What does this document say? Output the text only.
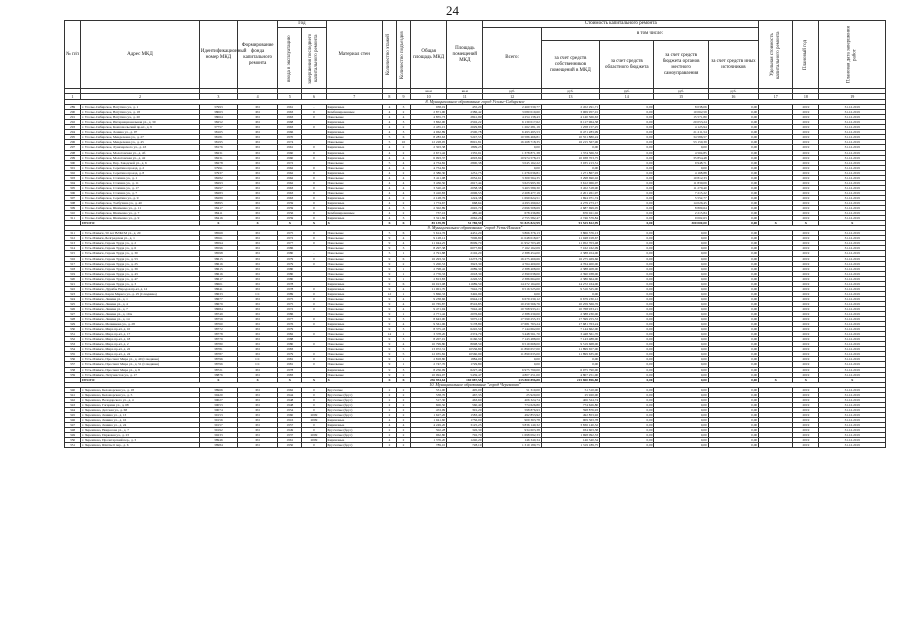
24
№ п/п	Адрес МКД	Идентификационный номер МКД	Формирование фонда капитального ремонта	Год		Материал стен	Количество этажей	Количество подъездов	Общая площадь МКД	Площадь помещений МКД	Стоимость капитального ремонта					Удельная стоимость капитального ремонта	Плановый год	Плановая дата завершения работ
				ввода в эксплуатацию	завершения последнего капитального ремонта						Всего:	в том числе:						
												за счет средств собственников помещений в МКД	за счет средств областного бюджета	за счет средств бюджета органов местного самоуправления	за счет средств иных источников			
									кв.м	кв.м	руб.	руб.	руб.	руб.	руб.			
1	2	3	4	5	6	7	8	9	10	11	12	13	14	15	16	17	18	19
8. Муниципальное образование город Усолье-Сибирское																		
289	г. Усолье-Сибирское, Ватутина ул., д. 1	37993	РО	1961	-	Кирпичные	4	3	938,19	455,20	2 460 539,77	2 452 291,71	0,00	8 038,06	0,00		2019	31.12.2019
290	г. Усолье-Сибирское, Ватутина ул., д. 18	38063	РО	1963	0	Комбинированные	4	2	2 871,90	2386,42	3 080 019,60	3 069 957,01	0,00	10 062,59	0,00		2019	31.12.2019
291	г. Усолье-Сибирское, Ватутина ул., д. 20	38064	РО	1963	0	Панельные	4	4	4 855,73	2841,99	4 254 138,43	4 140 566,63	0,00	15 571,80	0,00		2019	31.12.2019
292	г. Усолье-Сибирское, Интернациональная ул., д. 30	38252	РО	1968		Кирпичные	4	3	3 862,00	2502,22	6 139 017,62	6 117 964,38	0,00	20 053,24	0,00		2019	31.12.2019
293	г. Усолье-Сибирское, Комсомольский пр-кт., д. 9	37757	РО	1963	0	Кирпичные	4	2	2 435,15	2029,86	1 262 281,19	1 258 157,25	0,00	4 123,94	0,00		2019	31.12.2019
294	г. Усолье-Сибирское, Ленина ул., д. 97	38165	РО	1966		Кирпичные	4	3	4 062,89	2500,78	6 493 495,53	6 471 283,99	0,00	21 211,54	0,00		2019	31.12.2019
295	г. Усолье-Сибирское, Менделеева ул., д. 27	38181	РО	1970		Панельные	5	6	8 283,63	5247,55	10 586 466,81	10 551 880,24	0,00	34 586,57	0,00		2019	31.12.2019
296	г. Усолье-Сибирское, Менделеева ул., д. 45	38195	РО	1974		Панельные	5	10	12 228,05	8691,81	16 268 718,35	16 215 567,96	0,00	53 150,39	0,00		2019	31.12.2019
297	г. Усолье-Сибирское, Луначарского ул., д. 43	38176	РО	1961	0	Кирпичные	4	2	2 303,38	1899,23	0,00	0,00	0,00	0,00	0,00		2019	31.12.2019
298	г. Усолье-Сибирское, Молотовская ул., д. 4б	38231	РО	1960	0	Кирпичные	4	2	2 671,42	1355,91	1 378 871,38	1 374 366,33	0,00	4 504,85	0,00		2019	31.12.2019
299	г. Усолье-Сибирское, Молотовская ул., д. 42	38231	РО	1960	0	Кирпичные	4	4	6 093,37	4093,84	10 974 578,23	10 938 703,75	0,00	35 854,48	0,00		2019	31.12.2019
300	г. Усолье-Сибирское, Пер. Заводской ул., д. 6	38278	РО	1972		Панельные	5	4	4 754,82	2800,38	3 045 162,22	3 035 213,51	0,00	9 948,71	0,00		2019	31.12.2019
301	г. Усолье-Сибирское, Серетина проезд, д. 2	37991	РО	1962	0	Панельные	4	4	4 754,82		0,00	0,00	0,00	0,00	0,00		2019	31.12.2019
302	г. Усолье-Сибирское, Серетина проезд, д. 8	37937	РО	1962	0	Кирпичные	4	2	2 386,30	1251,75	1 276 036,81	1 271 867,93	0,00	4 168,88	0,00		2019	31.12.2019
303	г. Усолье-Сибирское, Стопина ул., д. 1	38282	РО	1962	0	Панельные	4	4	3 411,08	2052,61	3 309 564,35	3 298 690,02	0,00	10 812,33	0,00		2019	31.12.2019
304	г. Усолье-Сибирское, Стопина ул., д. 11	38293	РО	1962	0	Панельные	4	4	3 436,50	2617,44	3 623 995,36	3 612 066,07	0,00	11 839,09	0,00		2019	31.12.2019
305	г. Усолье-Сибирское, Стопина ул., д. 17	38297	РО	1963	0	Панельные	4	4	3 520,43	2058,38	3 463 589,30	3 452 318,90	0,00	11 270,40	0,00		2019	31.12.2019
306	г. Усолье-Сибирское, Стопина ул., д. 7	38283	РО	1963	0	Панельные	4	4	3 410,83	2006,53	2 208 477,19	2 201 261,97	0,00	7 215,22	0,00		2019	31.12.2019
307	г. Усолье-Сибирское, Серетина ул., д. 9	38289	РО	1963	0	Кирпичные	4	2	2 128,76	1224,38	1 699 624,51	1 694 071,74	0,00	5 552,77	0,00		2019	31.12.2019
308	г. Усолье-Сибирское, Толбухина ул., д. 40	38395	РО	1959	0	Кирпичные	4	2	1 774,67	668,64	4 293 299,62	4 279 273,17	0,00	14 026,45	0,00		2019	31.12.2019
309	г. Усолье-Сибирское, Шевченко ул., д. 11	38417	РО	1959	0	Кирпичные	4	3	2 302,89	2045,70	2 696 508,69	2 687 699,05	0,00	8 809,64	0,00		2019	31.12.2019
310	г. Усолье-Сибирское, Шевченко ул., д. 7	38411	РО	1956	0	Комбинированные	4	2	737,16	485,40	678 236,86	676 021,02	0,00	2 215,84	0,00		2019	31.12.2019
311	г. Усолье-Сибирское, Шевченко ул., д. 9	38416	РО	1959	0	Кирпичные	4	3	3 321,86	2062,26	2 755 582,47	2 746 579,84	0,00	9 002,63	0,00		2019	31.12.2019
	ИТОГО:	X	X	X	X	X	X	X	85 139,99	51 780,59	91 825 822,99	91 525 822,99	0,00	300 000,00	0,00	X	X	X
9. Муниципальное образование "город Усть-Илимск"																		
311	г. Усть-Илимск, 50 лет ВЛКСМ ул., д. 20	38569	РО	1975	0	Панельные	5	6	5 614,76	4431,20	3 866 376,13	3 866 376,13	0,00	0,00	0,00		2019	31.12.2019
312	г. Усть-Илимск, Белградская ул., д. 1	38561	РО	1972	0	Панельные	9	4	9 128,12	7006,80	11 048 018,67	11 048 018,67	0,00	0,00	0,00		2019	31.12.2019
313	г. Усть-Илимск, Героев Труда ул., д. 2	38594	РО	1977	0	Панельные	9	4	11 044,25	8009,70	11 952 703,48	11 952 703,48	0,00	0,00	0,00		2019	31.12.2019
314	г. Усть-Илимск, Героев Труда ул., д. 6	38596	РО	1986		Панельные	9	3	8 297,38	6077,80	7 162 162,09	7 162 162,09	0,00	0,00	0,00		2019	31.12.2019
315	г. Усть-Илимск, Героев Труда ул., д. 30	38598	РО	1980	-	Панельные	5	1	2 791,88	2102,20	2 388 454,00	2 388 454,00	0,00	0,00	0,00		2019	31.12.2019
316	г. Усть-Илимск, Героев Труда ул., д. 53	38615	РО	1979	0	Панельные	9	6	16 293,32	12273,76	16 275 469,66	16 275 469,66	0,00	0,00	0,00		2019	31.12.2019
317	г. Усть-Илимск, Героев Труда ул., д. 25	38616	РО	1979	0	Панельные	9	2	5 200,53	3923,30	4 764 400,00	4 764 400,00	0,00	0,00	0,00		2019	31.12.2019
318	г. Усть-Илимск, Героев Труда ул., д. 39	38615	РО	1980		Панельные	9	1	2 798,42	2089,30	2 388 408,00	2 388 408,00	0,00	0,00	0,00		2019	31.12.2019
319	г. Усть-Илимск, Героев Труда ул., д. 43	38616	РО	1980		Панельные	9	1	2 776,33	2018,30	2 390 038,00	2 390 038,00	0,00	0,00	0,00		2019	31.12.2019
320	г. Усть-Илимск, Героев Труда ул., д. 47	38617	РО	1980		Панельные	9	1	2 813,83	2226,53	2 386 664,00	2 386 664,00	0,00	0,00	0,00		2019	31.12.2019
321	г. Усть-Илимск, Героев Труда ул., д. 3	38601	РО	1978		Кирпичные	9	6	16 013,08	11689,50	14 272 164,00	14 272 164,00	0,00	0,00	0,00		2019	31.12.2019
322	г. Усть-Илимск, Дружбы Народов пр-кт, д. 12	38641	РО	1978	0	Кирпичные	9	4	11 001,70	7642,70	9 516 525,00	9 516 525,00	0,00	0,00	0,00		2019	31.12.2019
323	г. Усть-Илимск, Карла Маркса ул., д. 25 (Слюдянка)	38633	СС	1989	0	Кирпичные	12	1	5 866,33	3492,90	0,00	0,00	0,00	0,00	0,00		2019	31.12.2019
324	г. Усть-Илимск, Ленина ул., д. 1	38677	РО	1975	0	Панельные	9	4	9 238,66	6944,19	6 679 230,12	6 679 230,12	0,00	0,00	0,00		2019	31.12.2019
325	г. Усть-Илимск, Ленина ул., д. 4	38679	РО	1975	0	Панельные	9	4	10 765,87	8516,83	10 259 566,76	10 259 566,76	0,00	0,00	0,00		2019	31.12.2019
326	г. Усть-Илимск, Ленина ул., д. 7	38684	РО	1972	0	Панельные	9	4	9 471,94	7042,40	10 768 933,21	10 768 933,21	0,00	0,00	0,00		2019	31.12.2019
327	г. Усть-Илимск, Ленина ул., д. 10А	38749	РО	1986		Панельные	9	1	2 771,42	2076,60	2 388 230,00	2 388 230,00	0,00	0,00	0,00		2019	31.12.2019
328	г. Усть-Илимск, Ленина ул., д. 14	38759	РО	1977	0	Панельные	9	3	8 643,00	5075,10	17 599 255,33	17 599 255,33	0,00	0,00	0,00		2019	31.12.2019
329	г. Усть-Илимск, Мечникова ул., д. 28	38760	РО	1976	0	Кирпичные	9	4	9 561,96	5178,80	17 681 763,24	17 681 763,24	0,00	0,00	0,00		2019	31.12.2019
330	г. Усть-Илимск, Мира пр-кт, д. 10	38772	РО	1979		Панельные	9	3	8 375,43	6245,50	7 144 662,00	7 144 662,00	0,00	0,00	0,00		2019	31.12.2019
331	г. Усть-Илимск, Мира пр-кт, д. 17	38778	РО	1982	0	Панельные	14	1	3 378,20	2374,70	3 448 561,70	3 448 561,70	0,00	0,00	0,00		2019	31.12.2019
332	г. Усть-Илимск, Мира пр-кт, д. 18	38779	РО	1988		Панельные	9	3	8 207,01	6160,50	7 143 488,00	7 143 488,00	0,00	0,00	0,00		2019	31.12.2019
333	г. Усть-Илимск, Мира пр-кт, д. 2	38780	РО	1980	0	Панельные	9	4	10 799,80	8098,50	9 519 668,00	9 519 668,00	0,00	0,00	0,00		2019	31.12.2019
334	г. Усть-Илимск, Мира пр-кт, д. 22	38781	РО	1983		Панельные	9	5	13 972,31	10536,80	11 899 657,00	11 899 657,00	0,00	0,00	0,00		2019	31.12.2019
335	г. Усть-Илимск, Мира пр-кт, д. 24	38787	РО	1979	0	Панельные	9	5	12 035,82	10560,90	11 899 635,00	11 899 635,00	0,00	0,00	0,00		2019	31.12.2019
336	г. Усть-Илимск, Проспект Мира ул., д. 49 (Слюдянка)	38796	СС	1981	0	Панельные	9	1	2 818,80	1884,00	0,00	0,00	0,00	0,00	0,00		2019	31.12.2019
337	г. Усть-Илимск, Проспект Мира ул., д. 51 (Слюдянка)	38796	СС	1981	0	Панельные	9	1	2 747,70	1729,80	0,00	0,00	0,00	0,00	0,00		2019	31.12.2019
338	г. Усть-Илимск, Проспект Мира ул., д. 8	38721	РО	1978		Кирпичные	9	3	8 256,99	6227,46	6 975 790,00	6 975 790,00	0,00	0,00	0,00		2019	31.12.2019
339	г. Усть-Илимск, Энтузиастов ул., д. 17	38876	РО	1983		Панельные	9	2	10 094,97	5439,47	4 807 251,00	4 807 251,00	0,00	0,00	0,00		2019	31.12.2019
	ИТОГО:	X	X	X	X	X	X	X	236 954,64	169 887,55	215 800 896,88	215 800 896,88	0,00	0,00	0,00	X	X	X
10. Муниципальное образование "город Черемхово"																		
340	г. Черемхово, Беломорская ул., д. 18	38966	РО	1962	0	Брусчатые	2	2	531,00	495,00	51 310,00	51 310,00	0,00	0,00	0,00		2019	31.12.2019
341	г. Черемхово, Беломорская ул., д. 5	39420	РО	1944	0	Брусчатые (брус)	2	2	538,70	467,33	25 920,00	25 920,00	0,00	0,00	0,00		2019	31.12.2019
342	г. Черемхово, Володарского ул., д. 4	39027	РО	1948	0	Брусчатые (брус)	2	2	517,30	463,60	406 324,74	406 324,74	0,00	0,00	0,00		2019	31.12.2019
343	г. Черемхово, Гагарина ул., д. 68	39053	РО	1948	0	Брусчатые (брус)	2	2	606,50	560,40	774 626,80	774 626,80	0,00	0,00	0,00		2019	31.12.2019
344	г. Черемхово, Детская ул., д. 68	39074	РО	1954	0	Брусчатые (брус)	2	2	453,99	391,20	598 876,93	598 876,93	0,00	0,00	0,00		2019	31.12.2019
345	г. Черемхово, Ленина ул., д. 13	39153	РО	1960	2009	Брусчатые (брус)	2	2	1 627,20	1583,40	492 853,92	492 853,92	0,00	0,00	0,00		2019	31.12.2019
346	г. Черемхово, Ленина ул., д. 16	39156	РО	1916	2009	Кирпичные	4	2	1 941,60	1756,00	909 363,78	909 363,78	0,00	0,00	0,00		2019	31.12.2019
347	г. Черемхово, Ленина ул., д. 24	39157	РО	1957	0	Кирпичные	4	4	4 249,20	3125,23	3 836 140,32	3 836 140,32	0,00	0,00	0,00		2019	31.12.2019
348	г. Черемхово, Некрасова ул., д. 7	39192	РО	1949	0	Брусчатые (брус)	2	2	502,28	326,30	934 603,38	934 603,38	0,00	0,00	0,00		2019	31.12.2019
349	г. Черемхово, Парковая ул., д. 23	39233	РО	1937	2009	Брусчатые (брус)	2	2	962,80	792,70	1 698 092,33	1 698 092,33	0,00	0,00	0,00		2019	31.12.2019
350	г. Черемхово, Пролетарский пер., д. 3	38946	РО	1961	2009	Кирпичные	4	2	1 376,20	1240,20	146 340,34	146 340,34	0,00	0,00	0,00		2019	31.12.2019
351	г. Черемхово, Шахты 6 пер., д. 6	38984	РО	1950	0	Брусчатые (брус)	2	2	789,10	728,10	1 319 189,75	1 319 189,75	0,00	0,00	0,00		2019	31.12.2019
